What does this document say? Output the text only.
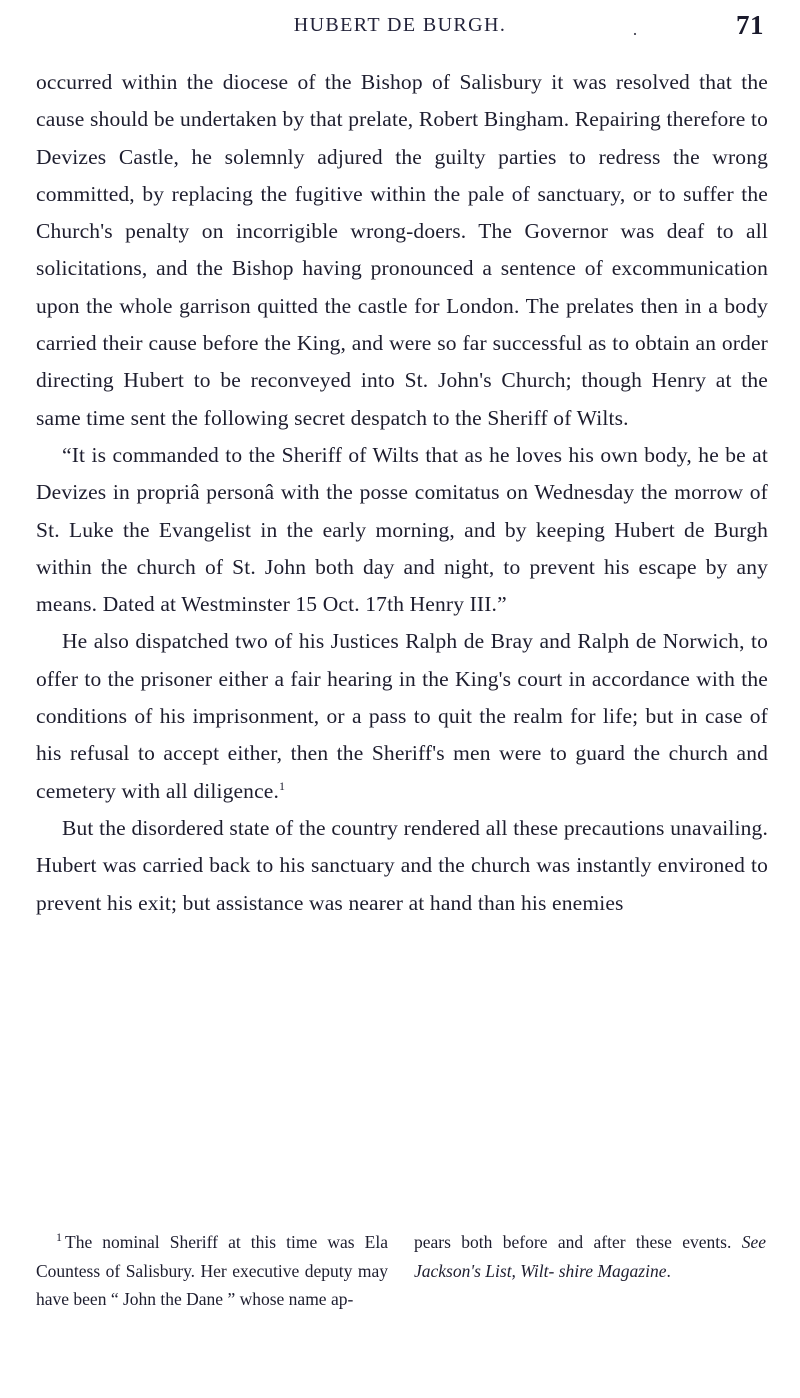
HUBERT DE BURGH.	·	71

occurred within the diocese of the Bishop of Salisbury it was resolved that the cause should be undertaken by that prelate, Robert Bingham. Repairing therefore to Devizes Castle, he solemnly adjured the guilty parties to redress the wrong committed, by replacing the fugitive within the pale of sanctuary, or to suffer the Church's penalty on incorrigible wrong-doers. The Governor was deaf to all solicitations, and the Bishop having pronounced a sentence of excommunication upon the whole garrison quitted the castle for London. The prelates then in a body carried their cause before the King, and were so far successful as to obtain an order directing Hubert to be reconveyed into St. John's Church; though Henry at the same time sent the following secret despatch to the Sheriff of Wilts.

“It is commanded to the Sheriff of Wilts that as he loves his own body, he be at Devizes in propriâ personâ with the posse comitatus on Wednesday the morrow of St. Luke the Evangelist in the early morning, and by keeping Hubert de Burgh within the church of St. John both day and night, to prevent his escape by any means. Dated at Westminster 15 Oct. 17th Henry III.”

He also dispatched two of his Justices Ralph de Bray and Ralph de Norwich, to offer to the prisoner either a fair hearing in the King's court in accordance with the conditions of his imprisonment, or a pass to quit the realm for life; but in case of his refusal to accept either, then the Sheriff's men were to guard the church and cemetery with all diligence.$^1$

But the disordered state of the country rendered all these precautions unavailing. Hubert was carried back to his sanctuary and the church was instantly environed to prevent his exit; but assistance was nearer at hand than his enemies

$^1$ The nominal Sheriff at this time was Ela Countess of Salisbury. Her executive deputy may have been “ John the Dane ” whose name ap-
pears both before and after these events. See Jackson's List, Wilt- shire Magazine.
